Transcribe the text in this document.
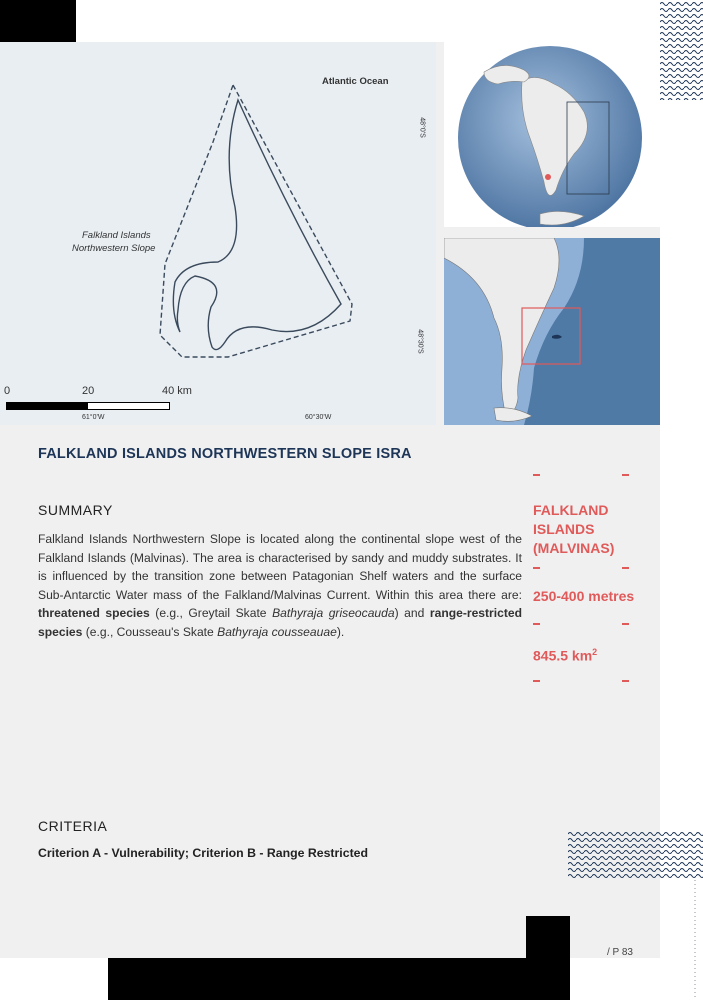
Atlantic Ocean
Falkland Islands
Northwestern Slope
48°0'S
48°30'S
61°0'W	60°30'W
0	20	40 km
FALKLAND ISLANDS NORTHWESTERN SLOPE ISRA
SUMMARY

Falkland Islands Northwestern Slope is located along the continental slope west of the Falkland Islands (Malvinas). The area is characterised by sandy and muddy substrates. It is influenced by the transition zone between Patagonian Shelf waters and the surface Sub-Antarctic Water mass of the Falkland/Malvinas Current. Within this area there are: threatened species (e.g., Greytail Skate Bathyraja griseocauda) and range-restricted species (e.g., Cousseau's Skate Bathyraja cousseauae).

CRITERIA
Criterion A - Vulnerability; Criterion B - Range Restricted
FALKLAND
ISLANDS
(MALVINAS)
250-400 metres
845.5 $km^2$
/ P 83
